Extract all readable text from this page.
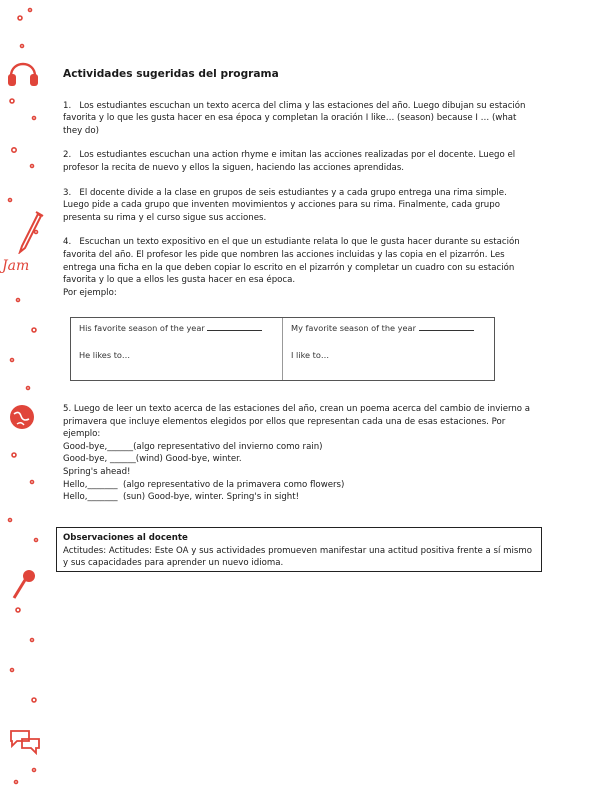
Jam
Actividades sugeridas del programa
1.   Los estudiantes escuchan un texto acerca del clima y las estaciones del año. Luego dibujan su estación favorita y lo que les gusta hacer en esa época y completan la oración I like… (season) because I … (what they do)
2.   Los estudiantes escuchan una action rhyme e imitan las acciones realizadas por el docente. Luego el profesor la recita de nuevo y ellos la siguen, haciendo las acciones aprendidas.
3.   El docente divide a la clase en grupos de seis estudiantes y a cada grupo entrega una rima simple. Luego pide a cada grupo que inventen movimientos y acciones para su rima. Finalmente, cada grupo presenta su rima y el curso sigue sus acciones.
4.   Escuchan un texto expositivo en el que un estudiante relata lo que le gusta hacer durante su estación favorita del año. El profesor les pide que nombren las acciones incluidas y las copia en el pizarrón. Les entrega una ficha en la que deben copiar lo escrito en el pizarrón y completar un cuadro con su estación favorita y lo que a ellos les gusta hacer en esa época.
Por ejemplo:
His favorite season of the year
He likes to…
My favorite season of the year
I like to…
5. Luego de leer un texto acerca de las estaciones del año, crean un poema acerca del cambio de invierno a primavera que incluye elementos elegidos por ellos que representan cada una de esas estaciones. Por ejemplo:
Good-bye,______(algo representativo del invierno como rain)
Good-bye, ______(wind) Good-bye, winter.
Spring's ahead!
Hello,_______  (algo representativo de la primavera como flowers)
Hello,_______  (sun) Good-bye, winter. Spring's in sight!
Observaciones al docente
Actitudes: Actitudes: Este OA y sus actividades promueven manifestar una actitud positiva frente a sí mismo y sus capacidades para aprender un nuevo idioma.
